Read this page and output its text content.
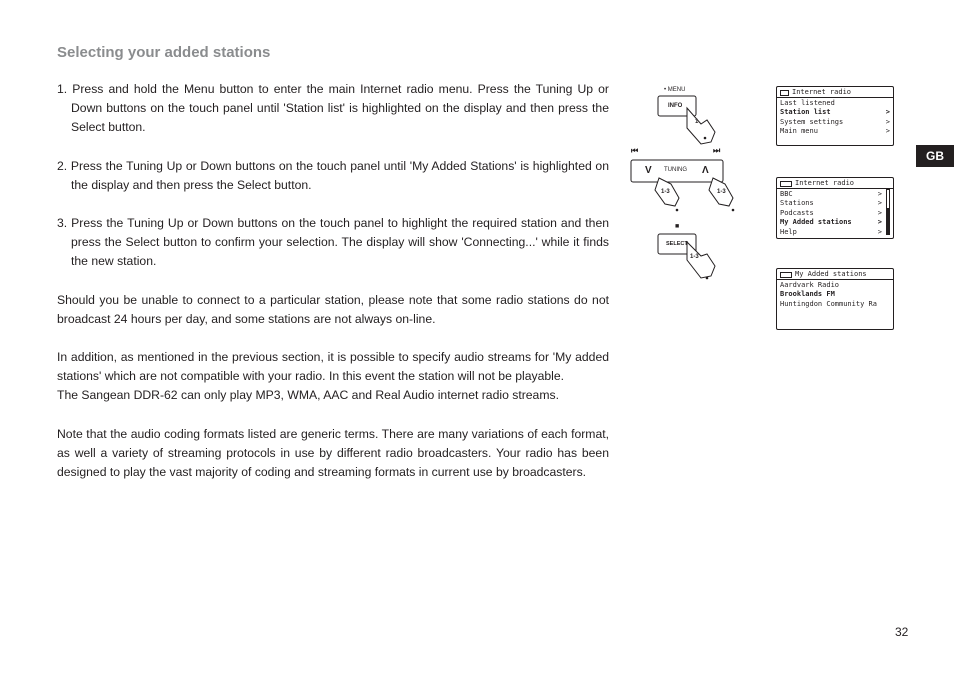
Selecting your added stations

1. Press and hold the Menu button to enter the main Internet radio menu. Press the Tuning Up or Down buttons on the touch panel until 'Station list' is highlighted on the display and then press the Select button.

2. Press the Tuning Up or Down buttons on the touch panel until 'My Added Stations' is highlighted on the display and then press the Select button.

3. Press the Tuning Up or Down buttons on the touch panel to highlight the required station and then press the Select button to confirm your selection. The display will show 'Connecting...' while it finds the new station.

Should you be unable to connect to a particular station, please note that some radio stations do not broadcast 24 hours per day, and some stations are not always on-line.

In addition, as mentioned in the previous section, it is possible to specify audio streams for 'My added stations' which are not compatible with your radio. In this event the station will not be playable.

The Sangean DDR-62 can only play MP3, WMA, AAC and Real Audio internet radio streams.

Note that the audio coding formats listed are generic terms. There are many variations of each format, as well a variety of streaming protocols in use by different radio broadcasters. Your radio has been designed to play the vast majority of coding and streaming formats in current use by broadcasters.

• MENU
INFO
1
⏮	⏭
V TUNING Λ
1-3	1-3
■
SELECT
1-3
Internet radio
Last listened
Station list	>
System settings	>
Main menu	>
Internet radio
BBC	>
Stations	>
Podcasts	>
My Added stations	>
Help	>
My Added stations
Aardvark Radio
Brooklands FM
Huntingdon Community Ra
GB
32
